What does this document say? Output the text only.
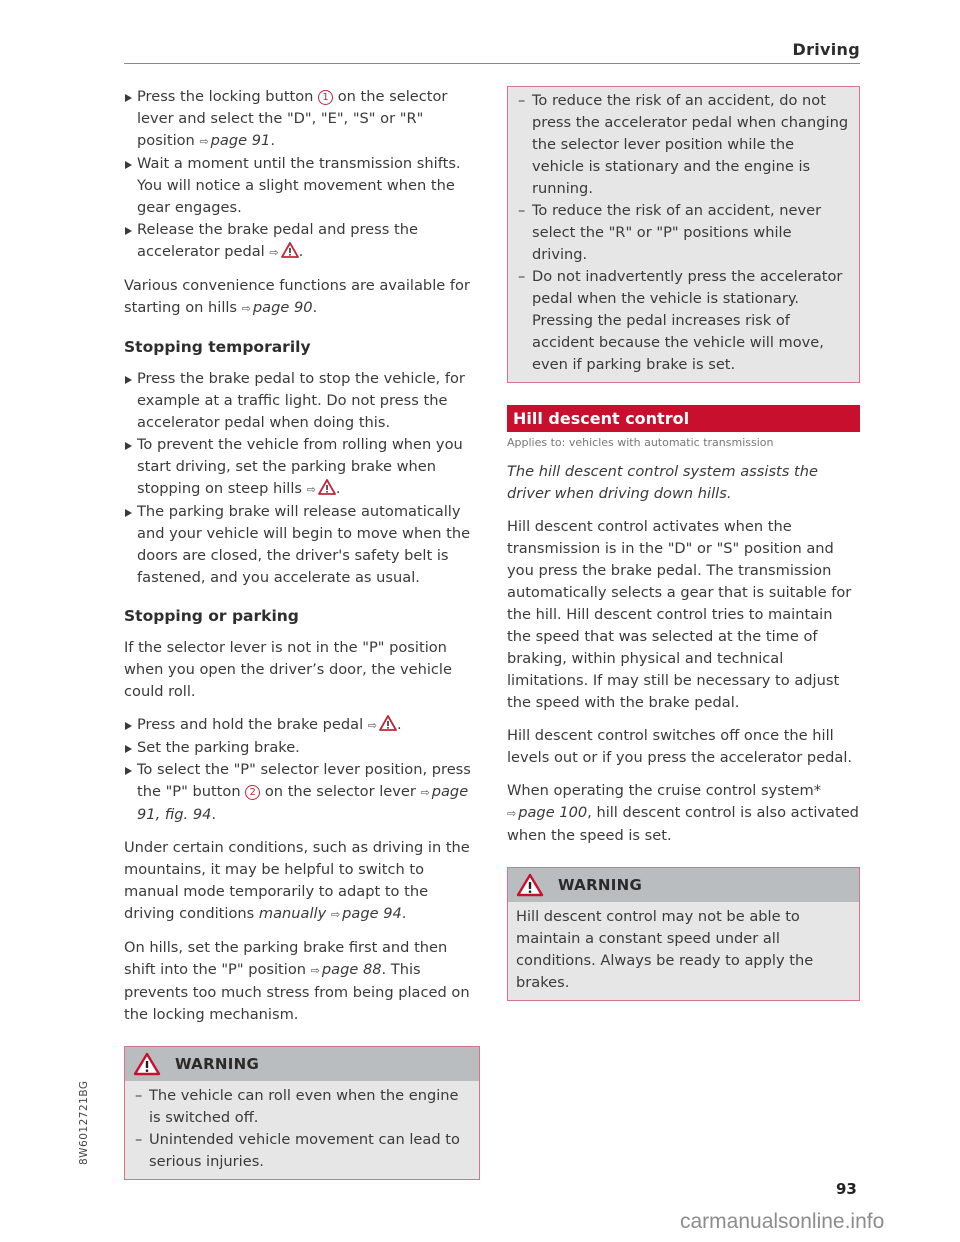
Driving
Press the locking button 1 on the selector lever and select the "D", "E", "S" or "R" position ⇨ page 91.
Wait a moment until the transmission shifts. You will notice a slight movement when the gear engages.
Release the brake pedal and press the accelerator pedal ⇨ .
Various convenience functions are available for starting on hills ⇨ page 90.
Stopping temporarily
Press the brake pedal to stop the vehicle, for example at a traffic light. Do not press the accelerator pedal when doing this.
To prevent the vehicle from rolling when you start driving, set the parking brake when stopping on steep hills ⇨ .
The parking brake will release automatically and your vehicle will begin to move when the doors are closed, the driver's safety belt is fastened, and you accelerate as usual.
Stopping or parking
If the selector lever is not in the "P" position when you open the driver’s door, the vehicle could roll.
Press and hold the brake pedal ⇨ .
Set the parking brake.
To select the "P" selector lever position, press the "P" button 2 on the selector lever ⇨ page 91, fig. 94.
Under certain conditions, such as driving in the mountains, it may be helpful to switch to manual mode temporarily to adapt to the driving conditions manually ⇨ page 94.
On hills, set the parking brake first and then shift into the "P" position ⇨ page 88. This prevents too much stress from being placed on the locking mechanism.
WARNING
– The vehicle can roll even when the engine is switched off.
– Unintended vehicle movement can lead to serious injuries.
– To reduce the risk of an accident, do not press the accelerator pedal when changing the selector lever position while the vehicle is stationary and the engine is running.
– To reduce the risk of an accident, never select the "R" or "P" positions while driving.
– Do not inadvertently press the accelerator pedal when the vehicle is stationary. Pressing the pedal increases risk of accident because the vehicle will move, even if parking brake is set.
Hill descent control
Applies to: vehicles with automatic transmission
The hill descent control system assists the driver when driving down hills.
Hill descent control activates when the transmission is in the "D" or "S" position and you press the brake pedal. The transmission automatically selects a gear that is suitable for the hill. Hill descent control tries to maintain the speed that was selected at the time of braking, within physical and technical limitations. If may still be necessary to adjust the speed with the brake pedal.
Hill descent control switches off once the hill levels out or if you press the accelerator pedal.
When operating the cruise control system* ⇨ page 100, hill descent control is also activated when the speed is set.
WARNING
Hill descent control may not be able to maintain a constant speed under all conditions. Always be ready to apply the brakes.
8W6012721BG
93
carmanualsonline.info
